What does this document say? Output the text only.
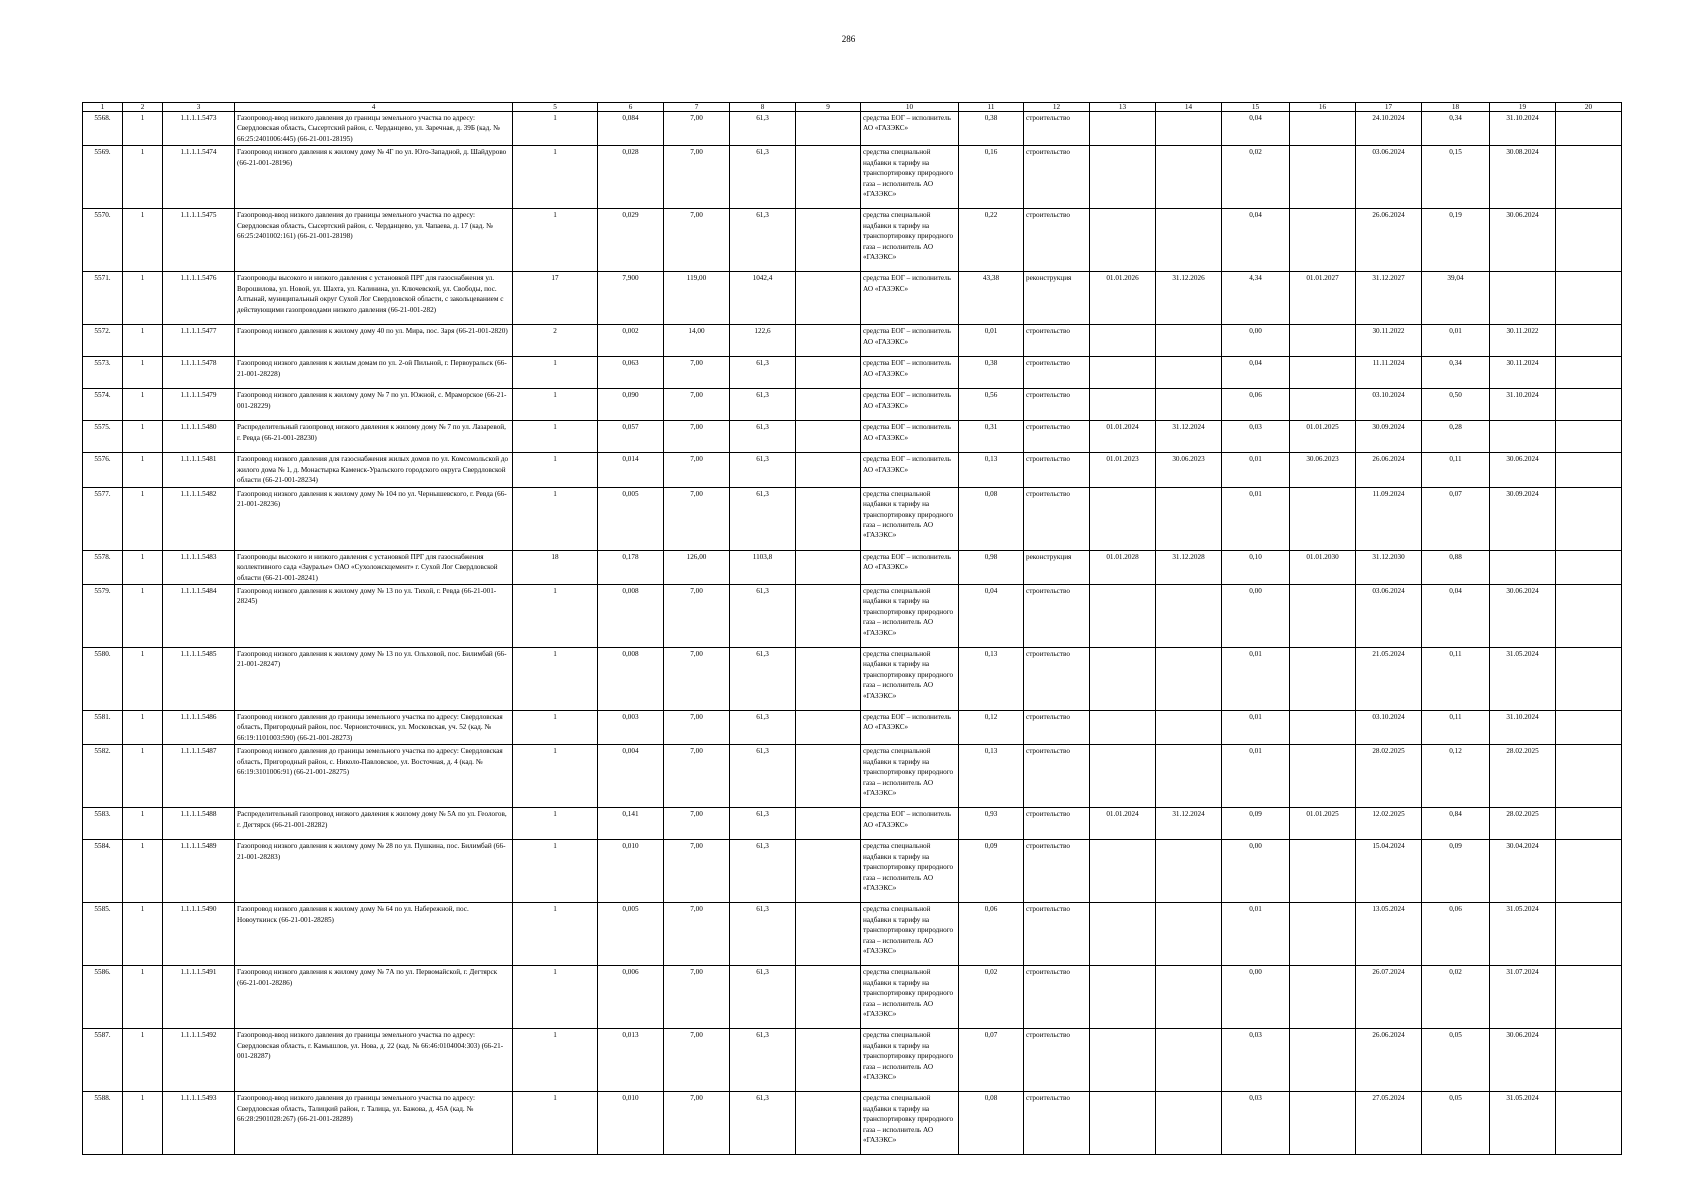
286
1	2	3	4	5	6	7	8	9	10	11	12	13	14	15	16	17	18	19	20
5568.	1	1.1.1.1.5473	Газопровод-ввод низкого давления до границы земельного участка по адресу: Свердловская область, Сысертский район, с. Черданцево, ул. Заречная, д. 39Б (кад. № 66:25:2401006:445) (66-21-001-28195)	1	0,084	7,00	61,3		средства ЕОГ – исполнитель АО «ГАЗЭКС»	0,38	строительство			0,04		24.10.2024	0,34	31.10.2024	
5569.	1	1.1.1.1.5474	Газопровод низкого давления к жилому дому № 4Г по ул. Юго-Западной, д. Шайдурово (66-21-001-28196)	1	0,028	7,00	61,3		средства специальной надбавки к тарифу на транспортировку природного газа – исполнитель АО «ГАЗЭКС»	0,16	строительство			0,02		03.06.2024	0,15	30.08.2024	
5570.	1	1.1.1.1.5475	Газопровод-ввод низкого давления до границы земельного участка по адресу: Свердловская область, Сысертский район, с. Черданцево, ул. Чапаева, д. 17 (кад. № 66:25:2401002:161) (66-21-001-28198)	1	0,029	7,00	61,3		средства специальной надбавки к тарифу на транспортировку природного газа – исполнитель АО «ГАЗЭКС»	0,22	строительство			0,04		26.06.2024	0,19	30.06.2024	
5571.	1	1.1.1.1.5476	Газопроводы высокого и низкого давления с установкой ПРГ для газоснабжения ул. Ворошилова, ул. Новой, ул. Шахта, ул. Калинина, ул. Ключевской, ул. Свободы, пос. Алтынай, муниципальный округ Сухой Лог Свердловской области, с закольцеванием с действующими газопроводами низкого давления (66-21-001-282)	17	7,900	119,00	1042,4		средства ЕОГ – исполнитель АО «ГАЗЭКС»	43,38	реконструкция	01.01.2026	31.12.2026	4,34	01.01.2027	31.12.2027	39,04		
5572.	1	1.1.1.1.5477	Газопровод низкого давления к жилому дому 40 по ул. Мира, пос. Заря (66-21-001-2820)	2	0,002	14,00	122,6		средства ЕОГ – исполнитель АО «ГАЗЭКС»	0,01	строительство			0,00		30.11.2022	0,01	30.11.2022	
5573.	1	1.1.1.1.5478	Газопровод низкого давления к жилым домам по ул. 2-ой Пильной, г. Первоуральск (66-21-001-28228)	1	0,063	7,00	61,3		средства ЕОГ – исполнитель АО «ГАЗЭКС»	0,38	строительство			0,04		11.11.2024	0,34	30.11.2024	
5574.	1	1.1.1.1.5479	Газопровод низкого давления к жилому дому № 7 по ул. Южной, с. Мраморское (66-21-001-28229)	1	0,090	7,00	61,3		средства ЕОГ – исполнитель АО «ГАЗЭКС»	0,56	строительство			0,06		03.10.2024	0,50	31.10.2024	
5575.	1	1.1.1.1.5480	Распределительный газопровод низкого давления к жилому дому № 7 по ул. Лазаревой, г. Ревда (66-21-001-28230)	1	0,057	7,00	61,3		средства ЕОГ – исполнитель АО «ГАЗЭКС»	0,31	строительство	01.01.2024	31.12.2024	0,03	01.01.2025	30.09.2024	0,28		
5576.	1	1.1.1.1.5481	Газопровод низкого давления для газоснабжения жилых домов по ул. Комсомольской до жилого дома № 1, д. Монастырка Каменск-Уральского городского округа Свердловской области (66-21-001-28234)	1	0,014	7,00	61,3		средства ЕОГ – исполнитель АО «ГАЗЭКС»	0,13	строительство	01.01.2023	30.06.2023	0,01	30.06.2023	26.06.2024	0,11	30.06.2024	
5577.	1	1.1.1.1.5482	Газопровод низкого давления к жилому дому № 104 по ул. Чернышевского, г. Ревда (66-21-001-28236)	1	0,005	7,00	61,3		средства специальной надбавки к тарифу на транспортировку природного газа – исполнитель АО «ГАЗЭКС»	0,08	строительство			0,01		11.09.2024	0,07	30.09.2024	
5578.	1	1.1.1.1.5483	Газопроводы высокого и низкого давления с установкой ПРГ для газоснабжения коллективного сада «Зауралье» ОАО «Сухоложскцемент» г. Сухой Лог Свердловской области (66-21-001-28241)	18	0,178	126,00	1103,8		средства ЕОГ – исполнитель АО «ГАЗЭКС»	0,98	реконструкция	01.01.2028	31.12.2028	0,10	01.01.2030	31.12.2030	0,88		
5579.	1	1.1.1.1.5484	Газопровод низкого давления к жилому дому № 13 по ул. Тихой, г. Ревда (66-21-001-28245)	1	0,008	7,00	61,3		средства специальной надбавки к тарифу на транспортировку природного газа – исполнитель АО «ГАЗЭКС»	0,04	строительство			0,00		03.06.2024	0,04	30.06.2024	
5580.	1	1.1.1.1.5485	Газопровод низкого давления к жилому дому № 13 по ул. Ольховой, пос. Билимбай (66-21-001-28247)	1	0,008	7,00	61,3		средства специальной надбавки к тарифу на транспортировку природного газа – исполнитель АО «ГАЗЭКС»	0,13	строительство			0,01		21.05.2024	0,11	31.05.2024	
5581.	1	1.1.1.1.5486	Газопровод низкого давления до границы земельного участка по адресу: Свердловская область, Пригородный район, пос. Черноисточинск, ул. Московская, уч. 52 (кад. № 66:19:1101003:590) (66-21-001-28273)	1	0,003	7,00	61,3		средства ЕОГ – исполнитель АО «ГАЗЭКС»	0,12	строительство			0,01		03.10.2024	0,11	31.10.2024	
5582.	1	1.1.1.1.5487	Газопровод низкого давления до границы земельного участка по адресу: Свердловская область, Пригородный район, с. Николо-Павловское, ул. Восточная, д. 4 (кад. № 66:19:3101006:91) (66-21-001-28275)	1	0,004	7,00	61,3		средства специальной надбавки к тарифу на транспортировку природного газа – исполнитель АО «ГАЗЭКС»	0,13	строительство			0,01		28.02.2025	0,12	28.02.2025	
5583.	1	1.1.1.1.5488	Распределительный газопровод низкого давления к жилому дому № 5А по ул. Геологов, г. Дегтярск (66-21-001-28282)	1	0,141	7,00	61,3		средства ЕОГ – исполнитель АО «ГАЗЭКС»	0,93	строительство	01.01.2024	31.12.2024	0,09	01.01.2025	12.02.2025	0,84	28.02.2025	
5584.	1	1.1.1.1.5489	Газопровод низкого давления к жилому дому № 28 по ул. Пушкина, пос. Билимбай (66-21-001-28283)	1	0,010	7,00	61,3		средства специальной надбавки к тарифу на транспортировку природного газа – исполнитель АО «ГАЗЭКС»	0,09	строительство			0,00		15.04.2024	0,09	30.04.2024	
5585.	1	1.1.1.1.5490	Газопровод низкого давления к жилому дому № 64 по ул. Набережной, пос. Новоуткинск (66-21-001-28285)	1	0,005	7,00	61,3		средства специальной надбавки к тарифу на транспортировку природного газа – исполнитель АО «ГАЗЭКС»	0,06	строительство			0,01		13.05.2024	0,06	31.05.2024	
5586.	1	1.1.1.1.5491	Газопровод низкого давления к жилому дому № 7А по ул. Первомайской, г. Дегтярск (66-21-001-28286)	1	0,006	7,00	61,3		средства специальной надбавки к тарифу на транспортировку природного газа – исполнитель АО «ГАЗЭКС»	0,02	строительство			0,00		26.07.2024	0,02	31.07.2024	
5587.	1	1.1.1.1.5492	Газопровод-ввод низкого давления до границы земельного участка по адресу: Свердловская область, г. Камышлов, ул. Нова, д. 22 (кад. № 66:46:0104004:303) (66-21-001-28287)	1	0,013	7,00	61,3		средства специальной надбавки к тарифу на транспортировку природного газа – исполнитель АО «ГАЗЭКС»	0,07	строительство			0,03		26.06.2024	0,05	30.06.2024	
5588.	1	1.1.1.1.5493	Газопровод-ввод низкого давления до границы земельного участка по адресу: Свердловская область, Талицкий район, г. Талица, ул. Бажова, д. 45А (кад. № 66:28:2901028:267) (66-21-001-28289)	1	0,010	7,00	61,3		средства специальной надбавки к тарифу на транспортировку природного газа – исполнитель АО «ГАЗЭКС»	0,08	строительство			0,03		27.05.2024	0,05	31.05.2024	
